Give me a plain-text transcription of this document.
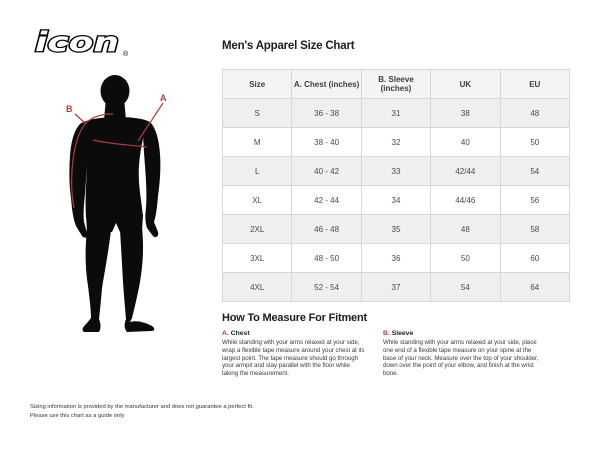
icon ®
A
B
Men's Apparel Size Chart
Size	A. Chest (inches)	B. Sleeve (inches)	UK	EU
S	36 - 38	31	38	48
M	38 - 40	32	40	50
L	40 - 42	33	42/44	54
XL	42 - 44	34	44/46	56
2XL	46 - 48	35	48	58
3XL	48 - 50	36	50	60
4XL	52 - 54	37	54	64
How To Measure For Fitment
A. Chest

While standing with your arms relaxed at your side, wrap a flexible tape measure around your chest at its largest point. The tape measure should go through your armpit and stay parallel with the floor while taking the measurement.

B. Sleeve

While standing with your arms relaxed at your side, place one end of a flexible tape measure on your spine at the base of your neck. Measure over the top of your shoulder, down over the point of your elbow, and finish at the wrist bone.

Sizing information is provided by the manufacturer and does not guarantee a perfect fit.
Please use this chart as a guide only
